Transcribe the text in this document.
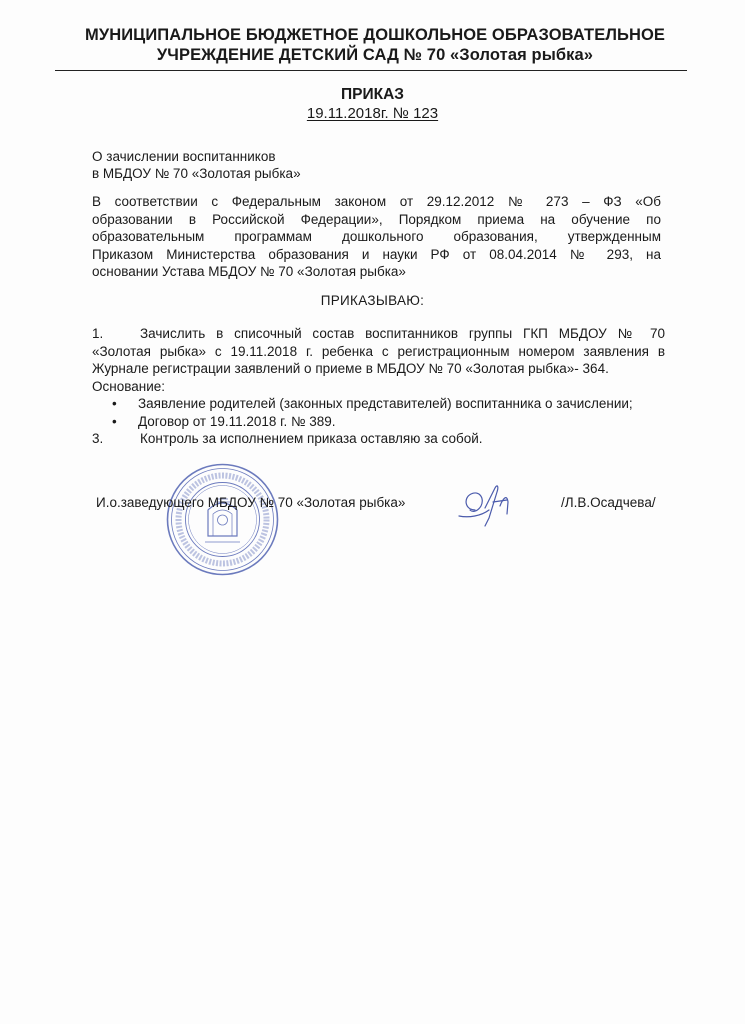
МУНИЦИПАЛЬНОЕ БЮДЖЕТНОЕ ДОШКОЛЬНОЕ ОБРАЗОВАТЕЛЬНОЕ
УЧРЕЖДЕНИЕ ДЕТСКИЙ САД № 70 «Золотая рыбка»
ПРИКАЗ
19.11.2018г. № 123
О зачислении воспитанников
в МБДОУ № 70 «Золотая рыбка»
В соответствии с Федеральным законом от 29.12.2012 № 273 – ФЗ «Об
образовании в Российской Федерации», Порядком приема на обучение по
образовательным программам дошкольного образования, утвержденным
Приказом Министерства образования и науки РФ от 08.04.2014 № 293, на
основании Устава МБДОУ № 70 «Золотая рыбка»
ПРИКАЗЫВАЮ:
1.	Зачислить в списочный состав воспитанников группы ГКП МБДОУ № 70
«Золотая рыбка» с 19.11.2018 г. ребенка с регистрационным номером заявления в
Журнале регистрации заявлений о приеме в МБДОУ № 70 «Золотая рыбка»- 364.
Основание:
• Заявление родителей (законных представителей) воспитанника о зачислении;
• Договор от 19.11.2018 г. № 389.
3.	Контроль за исполнением приказа оставляю за собой.
И.о.заведующего МБДОУ № 70 «Золотая рыбка»	/Л.В.Осадчева/
